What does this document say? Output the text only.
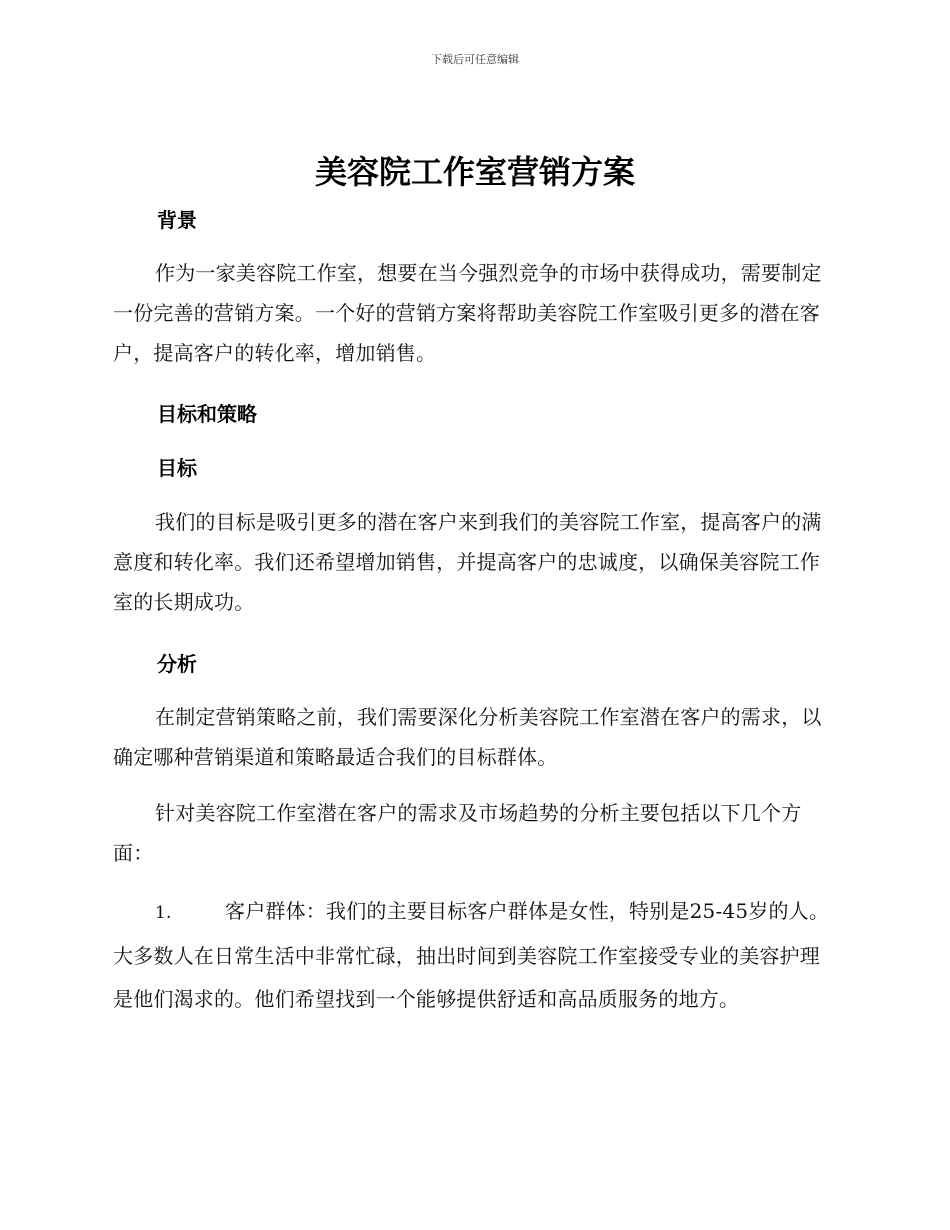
下载后可任意编辑
美容院工作室营销方案
背景

作为一家美容院工作室，想要在当今强烈竞争的市场中获得成功，需要制定一份完善的营销方案。一个好的营销方案将帮助美容院工作室吸引更多的潜在客户，提高客户的转化率，增加销售。

目标和策略
目标

我们的目标是吸引更多的潜在客户来到我们的美容院工作室，提高客户的满意度和转化率。我们还希望增加销售，并提高客户的忠诚度，以确保美容院工作室的长期成功。

分析

在制定营销策略之前，我们需要深化分析美容院工作室潜在客户的需求，以确定哪种营销渠道和策略最适合我们的目标群体。

针对美容院工作室潜在客户的需求及市场趋势的分析主要包括以下几个方面：

1.	客户群体：我们的主要目标客户群体是女性，特别是25-45岁的人。大多数人在日常生活中非常忙碌，抽出时间到美容院工作室接受专业的美容护理是他们渴求的。他们希望找到一个能够提供舒适和高品质服务的地方。
